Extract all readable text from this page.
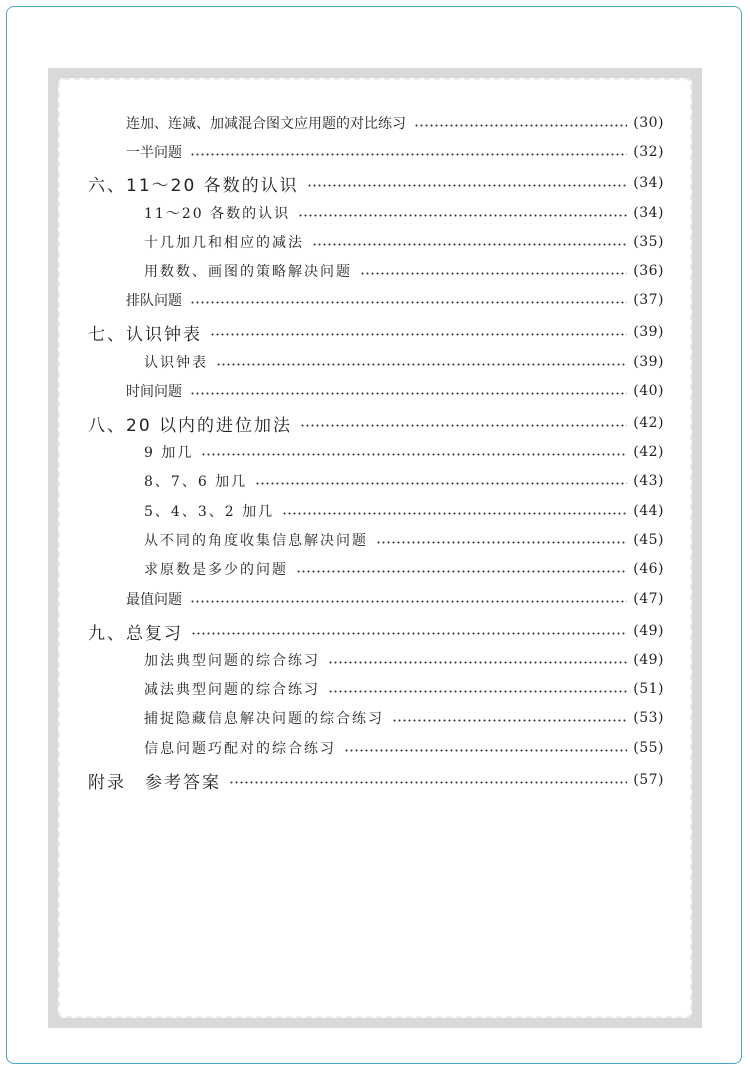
连加、连减、加减混合图文应用题的对比练习	(30)
一半问题	(32)
六、11～20 各数的认识	(34)
11～20 各数的认识	(34)
十几加几和相应的减法	(35)
用数数、画图的策略解决问题	(36)
排队问题	(37)
七、认识钟表	(39)
认识钟表	(39)
时间问题	(40)
八、20 以内的进位加法	(42)
9 加几	(42)
8、7、6 加几	(43)
5、4、3、2 加几	(44)
从不同的角度收集信息解决问题	(45)
求原数是多少的问题	(46)
最值问题	(47)
九、总复习	(49)
加法典型问题的综合练习	(49)
减法典型问题的综合练习	(51)
捕捉隐藏信息解决问题的综合练习	(53)
信息问题巧配对的综合练习	(55)
附录　参考答案	(57)
